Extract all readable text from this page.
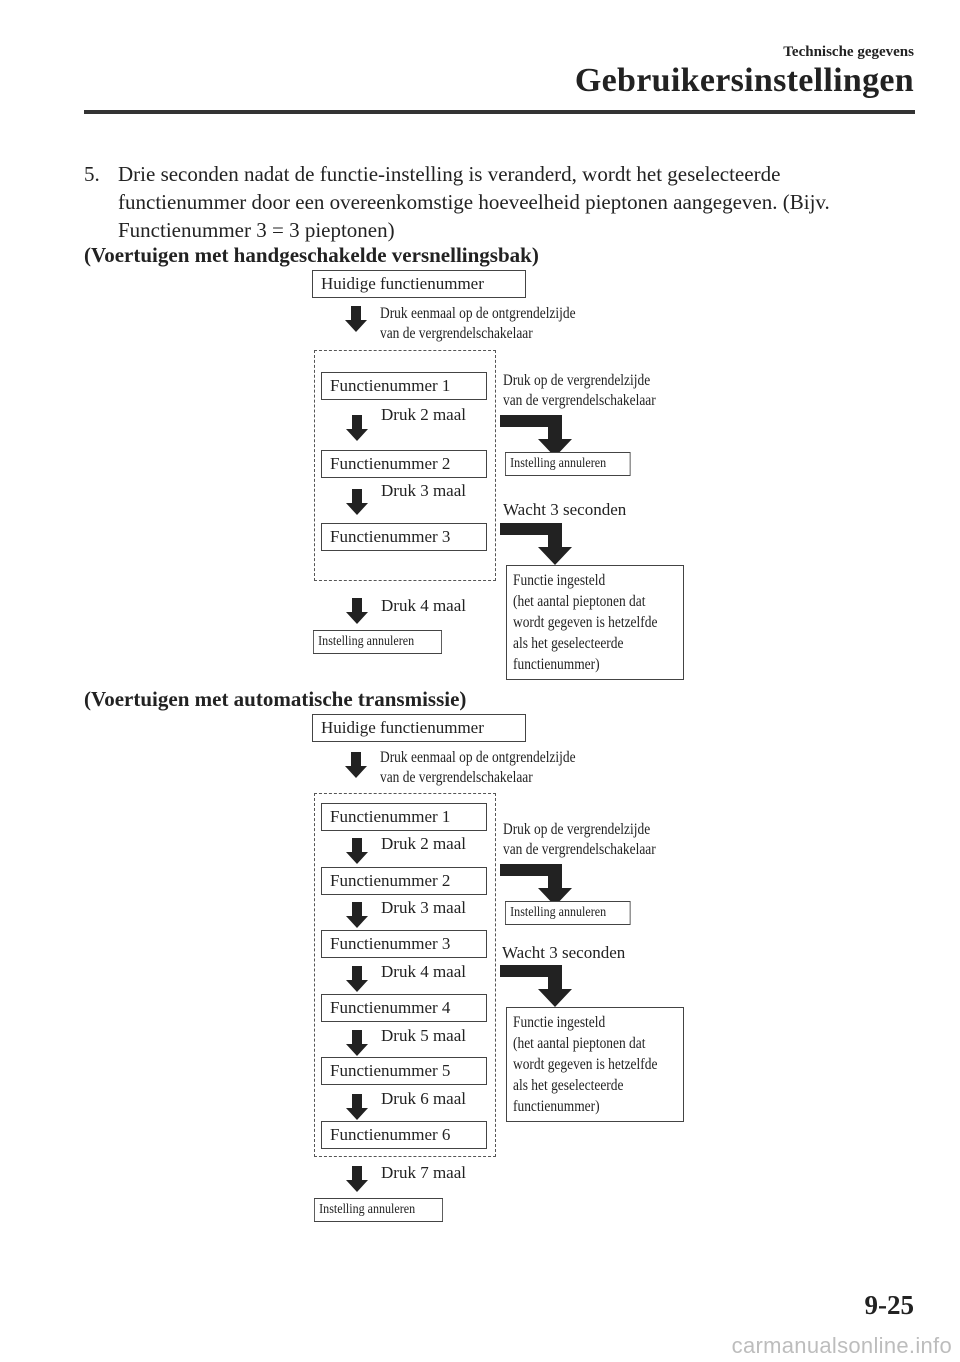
Technische gegevens
Gebruikersinstellingen
5. Drie seconden nadat de functie-instelling is veranderd, wordt het geselecteerde
functienummer door een overeenkomstige hoeveelheid pieptonen aangegeven. (Bijv.
Functienummer 3 = 3 pieptonen)
(Voertuigen met handgeschakelde versnellingsbak)
Huidige functienummer
Druk eenmaal op de ontgrendelzijde
van de vergrendelschakelaar
Functienummer 1
Druk 2 maal
Functienummer 2
Druk 3 maal
Functienummer 3
Druk 4 maal
Instelling annuleren
Druk op de vergrendelzijde
van de vergrendelschakelaar
Instelling annuleren
Wacht 3 seconden
Functie ingesteld
(het aantal pieptonen dat
wordt gegeven is hetzelfde
als het geselecteerde
functienummer)
(Voertuigen met automatische transmissie)
Huidige functienummer
Druk eenmaal op de ontgrendelzijde
van de vergrendelschakelaar
Functienummer 1
Druk 2 maal
Functienummer 2
Druk 3 maal
Functienummer 3
Druk 4 maal
Functienummer 4
Druk 5 maal
Functienummer 5
Druk 6 maal
Functienummer 6
Druk 7 maal
Instelling annuleren
Druk op de vergrendelzijde
van de vergrendelschakelaar
Instelling annuleren
Wacht 3 seconden
Functie ingesteld
(het aantal pieptonen dat
wordt gegeven is hetzelfde
als het geselecteerde
functienummer)
9-25
carmanualsonline.info
